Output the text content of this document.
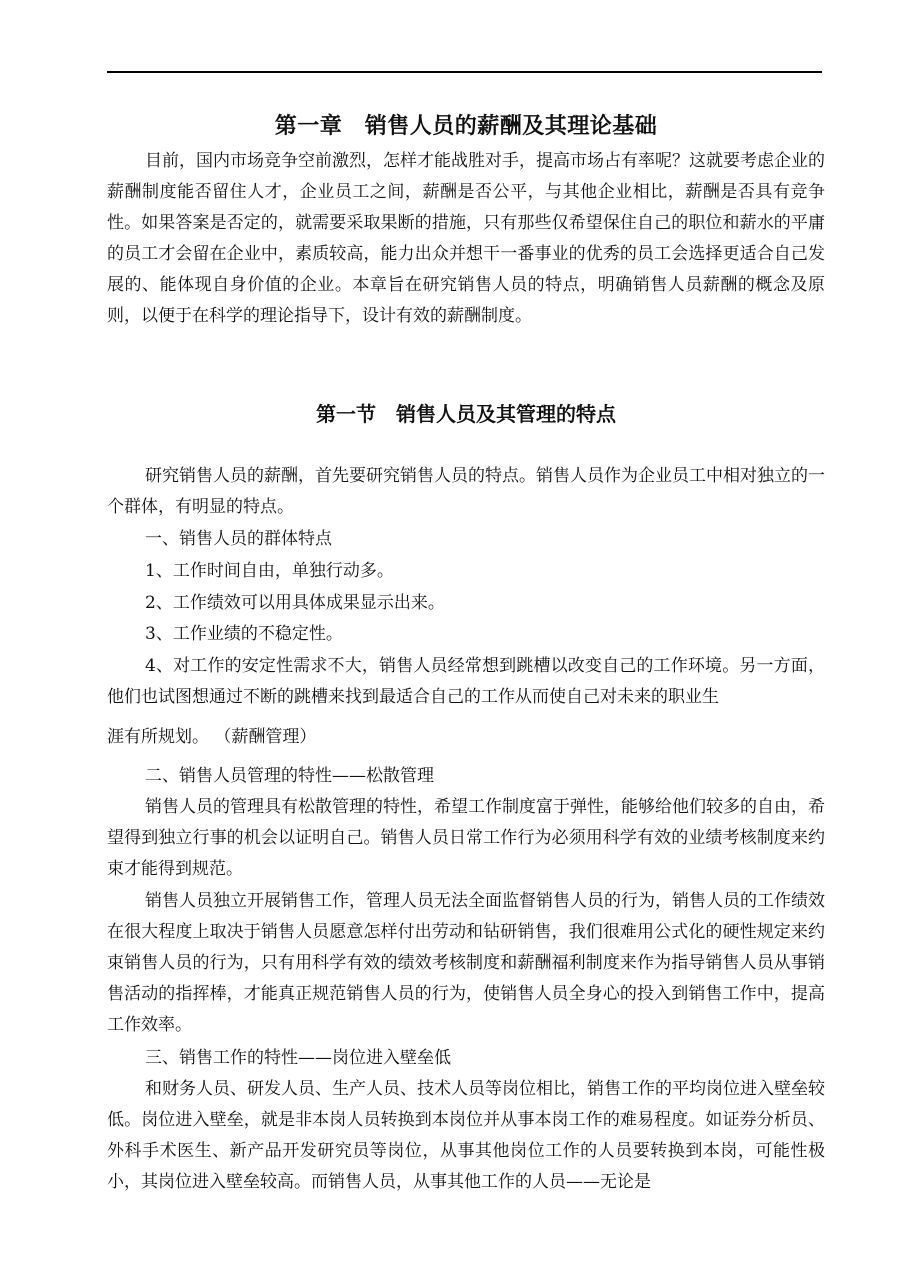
第一章　销售人员的薪酬及其理论基础

目前，国内市场竞争空前激烈，怎样才能战胜对手，提高市场占有率呢？这就要考虑企业的薪酬制度能否留住人才，企业员工之间，薪酬是否公平，与其他企业相比，薪酬是否具有竞争性。如果答案是否定的，就需要采取果断的措施，只有那些仅希望保住自己的职位和薪水的平庸的员工才会留在企业中，素质较高，能力出众并想干一番事业的优秀的员工会选择更适合自己发展的、能体现自身价值的企业。本章旨在研究销售人员的特点，明确销售人员薪酬的概念及原则，以便于在科学的理论指导下，设计有效的薪酬制度。

第一节　销售人员及其管理的特点

研究销售人员的薪酬，首先要研究销售人员的特点。销售人员作为企业员工中相对独立的一个群体，有明显的特点。

一、销售人员的群体特点

1、工作时间自由，单独行动多。

2、工作绩效可以用具体成果显示出来。

3、工作业绩的不稳定性。

4、对工作的安定性需求不大，销售人员经常想到跳槽以改变自己的工作环境。另一方面，他们也试图想通过不断的跳槽来找到最适合自己的工作从而使自己对未来的职业生

涯有所规划。 （薪酬管理）

二、销售人员管理的特性——松散管理

销售人员的管理具有松散管理的特性，希望工作制度富于弹性，能够给他们较多的自由，希望得到独立行事的机会以证明自己。销售人员日常工作行为必须用科学有效的业绩考核制度来约束才能得到规范。

销售人员独立开展销售工作，管理人员无法全面监督销售人员的行为，销售人员的工作绩效在很大程度上取决于销售人员愿意怎样付出劳动和钻研销售，我们很难用公式化的硬性规定来约束销售人员的行为，只有用科学有效的绩效考核制度和薪酬福利制度来作为指导销售人员从事销售活动的指挥棒，才能真正规范销售人员的行为，使销售人员全身心的投入到销售工作中，提高工作效率。

三、销售工作的特性——岗位进入壁垒低

和财务人员、研发人员、生产人员、技术人员等岗位相比，销售工作的平均岗位进入壁垒较低。岗位进入壁垒，就是非本岗人员转换到本岗位并从事本岗工作的难易程度。如证券分析员、外科手术医生、新产品开发研究员等岗位，从事其他岗位工作的人员要转换到本岗，可能性极小，其岗位进入壁垒较高。而销售人员，从事其他工作的人员——无论是
